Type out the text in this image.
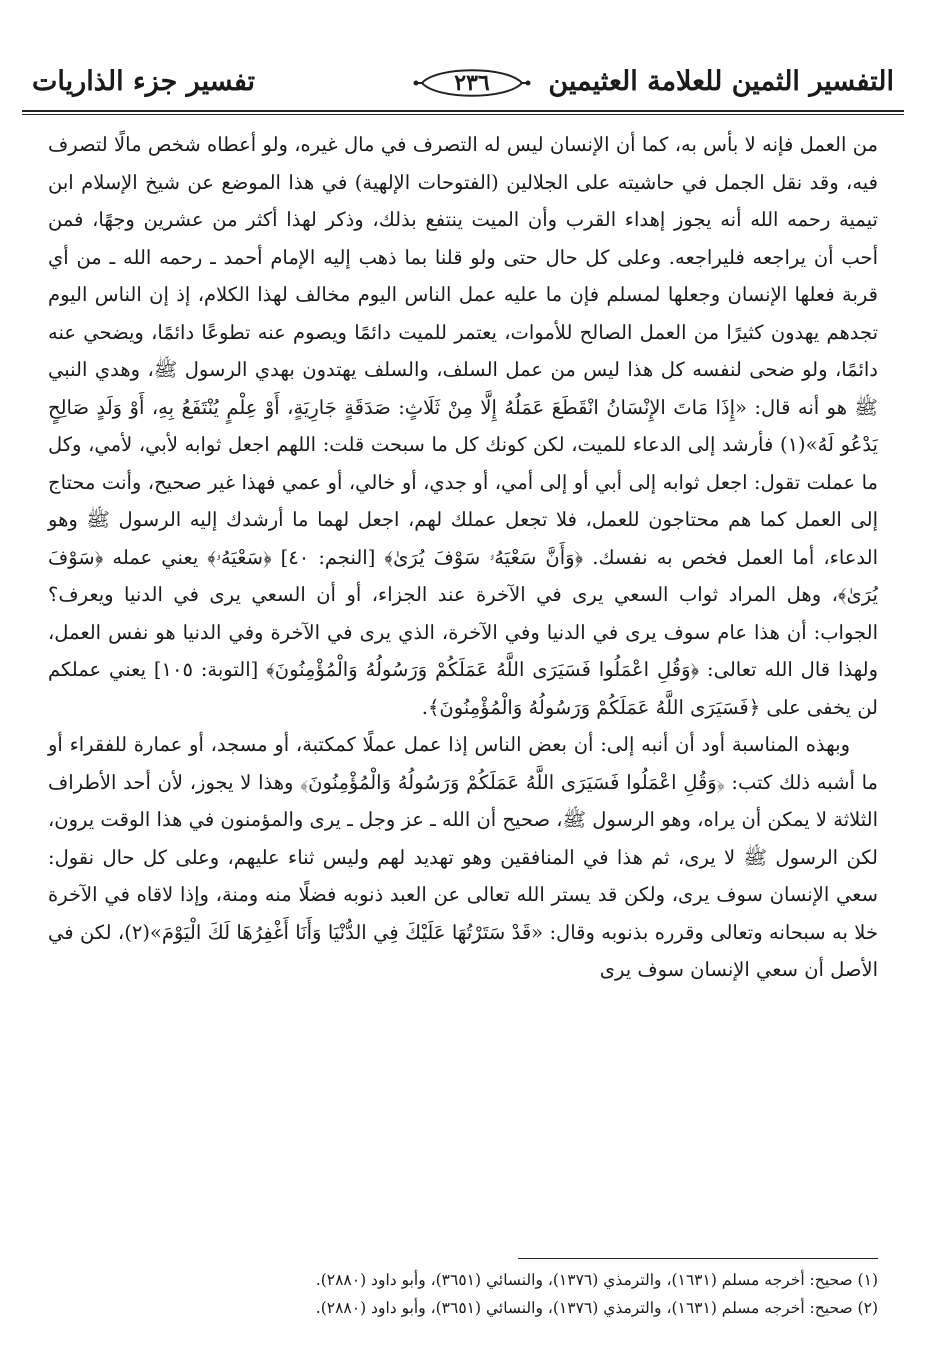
التفسير الثمين للعلامة العثيمين
٢٣٦
تفسير جزء الذاريات

من العمل فإنه لا بأس به، كما أن الإنسان ليس له التصرف في مال غيره، ولو أعطاه شخص مالًا لتصرف فيه، وقد نقل الجمل في حاشيته على الجلالين (الفتوحات الإلهية) في هذا الموضع عن شيخ الإسلام ابن تيمية رحمه الله أنه يجوز إهداء القرب وأن الميت ينتفع بذلك، وذكر لهذا أكثر من عشرين وجهًا، فمن أحب أن يراجعه فليراجعه. وعلى كل حال حتى ولو قلنا بما ذهب إليه الإمام أحمد ـ رحمه الله ـ من أي قربة فعلها الإنسان وجعلها لمسلم فإن ما عليه عمل الناس اليوم مخالف لهذا الكلام، إذ إن الناس اليوم تجدهم يهدون كثيرًا من العمل الصالح للأموات، يعتمر للميت دائمًا ويصوم عنه تطوعًا دائمًا، ويضحي عنه دائمًا، ولو ضحى لنفسه كل هذا ليس من عمل السلف، والسلف يهتدون بهدي الرسول ﷺ، وهدي النبي ﷺ هو أنه قال: «إِذَا مَاتَ الإِنْسَانُ انْقَطَعَ عَمَلُهُ إِلَّا مِنْ ثَلَاثٍ: صَدَقَةٍ جَارِيَةٍ، أَوْ عِلْمٍ يُنْتَفَعُ بِهِ، أَوْ وَلَدٍ صَالِحٍ يَدْعُو لَهُ»(١) فأرشد إلى الدعاء للميت، لكن كونك كل ما سبحت قلت: اللهم اجعل ثوابه لأبي، لأمي، وكل ما عملت تقول: اجعل ثوابه إلى أبي أو إلى أمي، أو جدي، أو خالي، أو عمي فهذا غير صحيح، وأنت محتاج إلى العمل كما هم محتاجون للعمل، فلا تجعل عملك لهم، اجعل لهما ما أرشدك إليه الرسول ﷺ وهو الدعاء، أما العمل فخص به نفسك. ﴿وَأَنَّ سَعْيَهُۥ سَوْفَ يُرَىٰ﴾ [النجم: ٤٠] ﴿سَعْيَهُۥ﴾ يعني عمله ﴿سَوْفَ يُرَىٰ﴾، وهل المراد ثواب السعي يرى في الآخرة عند الجزاء، أو أن السعي يرى في الدنيا ويعرف؟ الجواب: أن هذا عام سوف يرى في الدنيا وفي الآخرة، الذي يرى في الآخرة وفي الدنيا هو نفس العمل، ولهذا قال الله تعالى: ﴿وَقُلِ اعْمَلُوا فَسَيَرَى اللَّهُ عَمَلَكُمْ وَرَسُولُهُ وَالْمُؤْمِنُونَ﴾ [التوبة: ١٠٥] يعني عملكم لن يخفى على ﴿فَسَيَرَى اللَّهُ عَمَلَكُمْ وَرَسُولُهُ وَالْمُؤْمِنُونَ﴾.

وبهذه المناسبة أود أن أنبه إلى: أن بعض الناس إذا عمل عملًا كمكتبة، أو مسجد، أو عمارة للفقراء أو ما أشبه ذلك كتب: ﴿وَقُلِ اعْمَلُوا فَسَيَرَى اللَّهُ عَمَلَكُمْ وَرَسُولُهُ وَالْمُؤْمِنُونَ﴾ وهذا لا يجوز، لأن أحد الأطراف الثلاثة لا يمكن أن يراه، وهو الرسول ﷺ، صحيح أن الله ـ عز وجل ـ يرى والمؤمنون في هذا الوقت يرون، لكن الرسول ﷺ لا يرى، ثم هذا في المنافقين وهو تهديد لهم وليس ثناء عليهم، وعلى كل حال نقول: سعي الإنسان سوف يرى، ولكن قد يستر الله تعالى عن العبد ذنوبه فضلًا منه ومنة، وإذا لاقاه في الآخرة خلا به سبحانه وتعالى وقرره بذنوبه وقال: «قَدْ سَتَرْتُهَا عَلَيْكَ فِي الدُّنْيَا وَأَنَا أَغْفِرُهَا لَكَ الْيَوْمَ»(٢)، لكن في الأصل أن سعي الإنسان سوف يرى

(١) صحيح: أخرجه مسلم (١٦٣١)، والترمذي (١٣٧٦)، والنسائي (٣٦٥١)، وأبو داود (٢٨٨٠).
(٢) صحيح: أخرجه مسلم (١٦٣١)، والترمذي (١٣٧٦)، والنسائي (٣٦٥١)، وأبو داود (٢٨٨٠).
